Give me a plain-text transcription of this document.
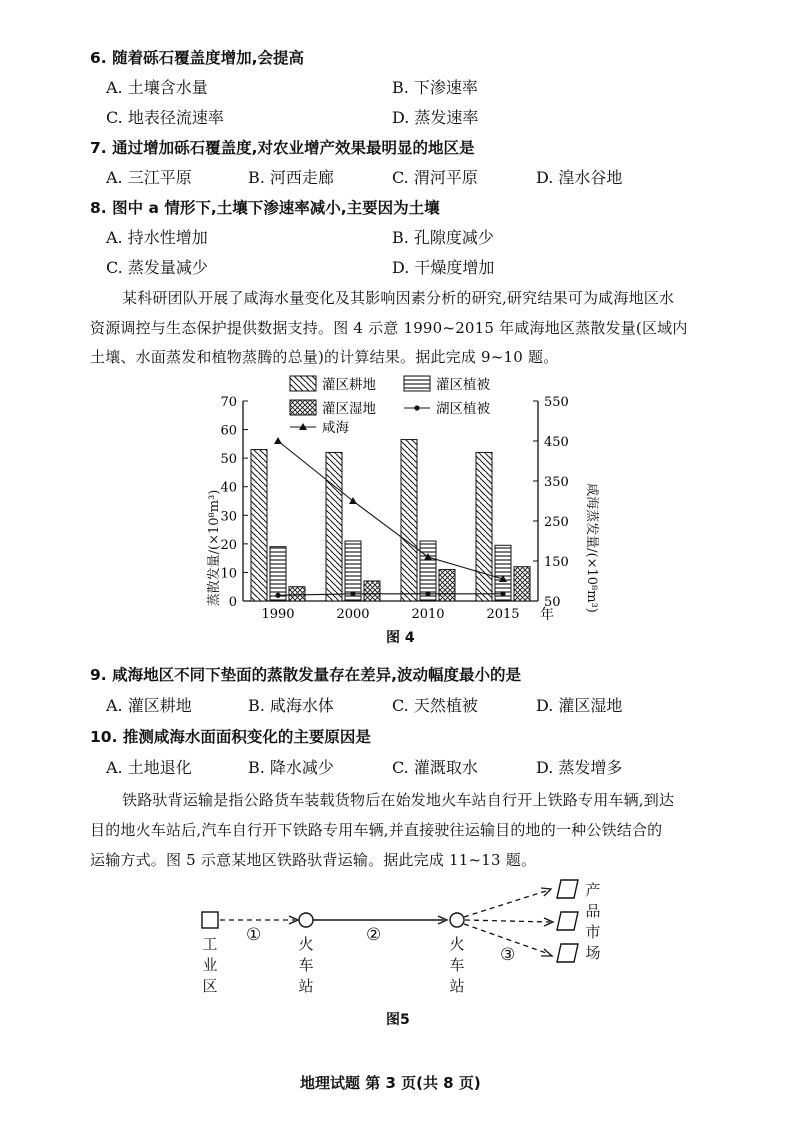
6. 随着砾石覆盖度增加,会提高
A. 土壤含水量	B. 下渗速率
C. 地表径流速率	D. 蒸发速率
7. 通过增加砾石覆盖度,对农业增产效果最明显的地区是
A. 三江平原	B. 河西走廊	C. 渭河平原	D. 湟水谷地
8. 图中 a 情形下,土壤下渗速率减小,主要因为土壤
A. 持水性增加	B. 孔隙度减少
C. 蒸发量减少	D. 干燥度增加
某科研团队开展了咸海水量变化及其影响因素分析的研究,研究结果可为咸海地区水
资源调控与生态保护提供数据支持。图 4 示意 1990~2015 年咸海地区蒸散发量(区域内
土壤、水面蒸发和植物蒸腾的总量)的计算结果。据此完成 9~10 题。
0
10
20
30
40
50
60
70
50
150
250
350
450
550
1990	2000	2010	2015 年
灌区耕地	灌区植被
灌区湿地	湖区植被
咸海
蒸散发量/(×10⁸m³)	咸海蒸发量/(×10⁸m³)
图 4
9. 咸海地区不同下垫面的蒸散发量存在差异,波动幅度最小的是
A. 灌区耕地	B. 咸海水体	C. 天然植被	D. 灌区湿地
10. 推测咸海水面面积变化的主要原因是
A. 土地退化	B. 降水减少	C. 灌溉取水	D. 蒸发增多
铁路驮背运输是指公路货车装载货物后在始发地火车站自行开上铁路专用车辆,到达
目的地火车站后,汽车自行开下铁路专用车辆,并直接驶往运输目的地的一种公铁结合的
运输方式。图 5 示意某地区铁路驮背运输。据此完成 11~13 题。
①	②
③
工业区
火车站
火车站
产品市场
图5
地理试题 第 3 页(共 8 页)
